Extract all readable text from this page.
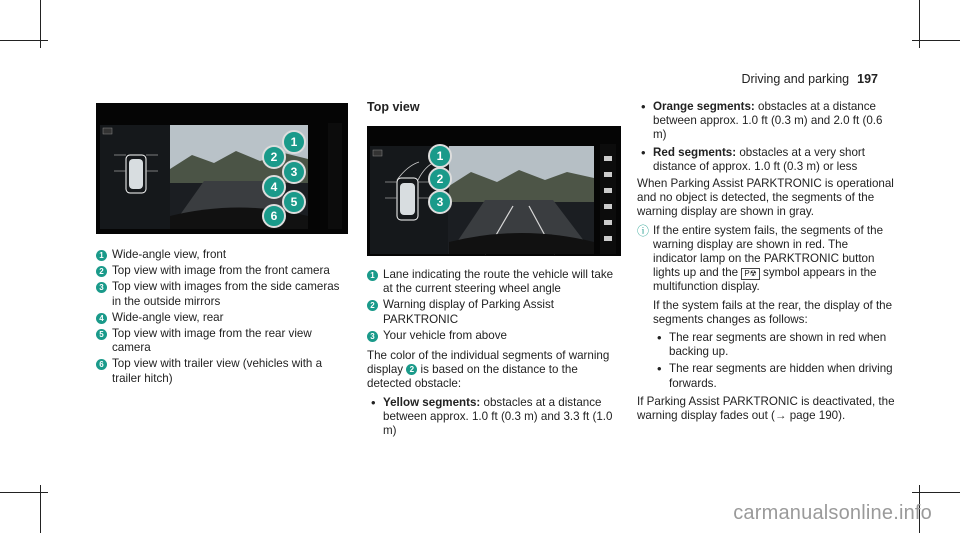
Driving and parking 197
1
2
3
4
5
6
1 Wide-angle view, front
2 Top view with image from the front camera
3 Top view with images from the side cameras in the outside mirrors
4 Wide-angle view, rear
5 Top view with image from the rear view camera
6 Top view with trailer view (vehicles with a trailer hitch)
Top view
1
2
3
1 Lane indicating the route the vehicle will take at the current steering wheel angle
2 Warning display of Parking Assist PARKTRONIC
3 Your vehicle from above

The color of the individual segments of warning display 2 is based on the distance to the detected obstacle:

• Yellow segments: obstacles at a distance between approx. 1.0 ft (0.3 m) and 3.3 ft (1.0 m)
• Orange segments: obstacles at a distance between approx. 1.0 ft (0.3 m) and 2.0 ft (0.6 m)
• Red segments: obstacles at a very short distance of approx. 1.0 ft (0.3 m) or less

When Parking Assist PARKTRONIC is operational and no object is detected, the segments of the warning display are shown in gray.

ⓘ If the entire system fails, the segments of the warning display are shown in red. The indicator lamp on the PARKTRONIC button lights up and the P☢ symbol appears in the multifunction display.

If the system fails at the rear, the display of the segments changes as follows:

• The rear segments are shown in red when backing up.
• The rear segments are hidden when driving forwards.

If Parking Assist PARKTRONIC is deactivated, the warning display fades out (→ page 190).

carmanualsonline.info
